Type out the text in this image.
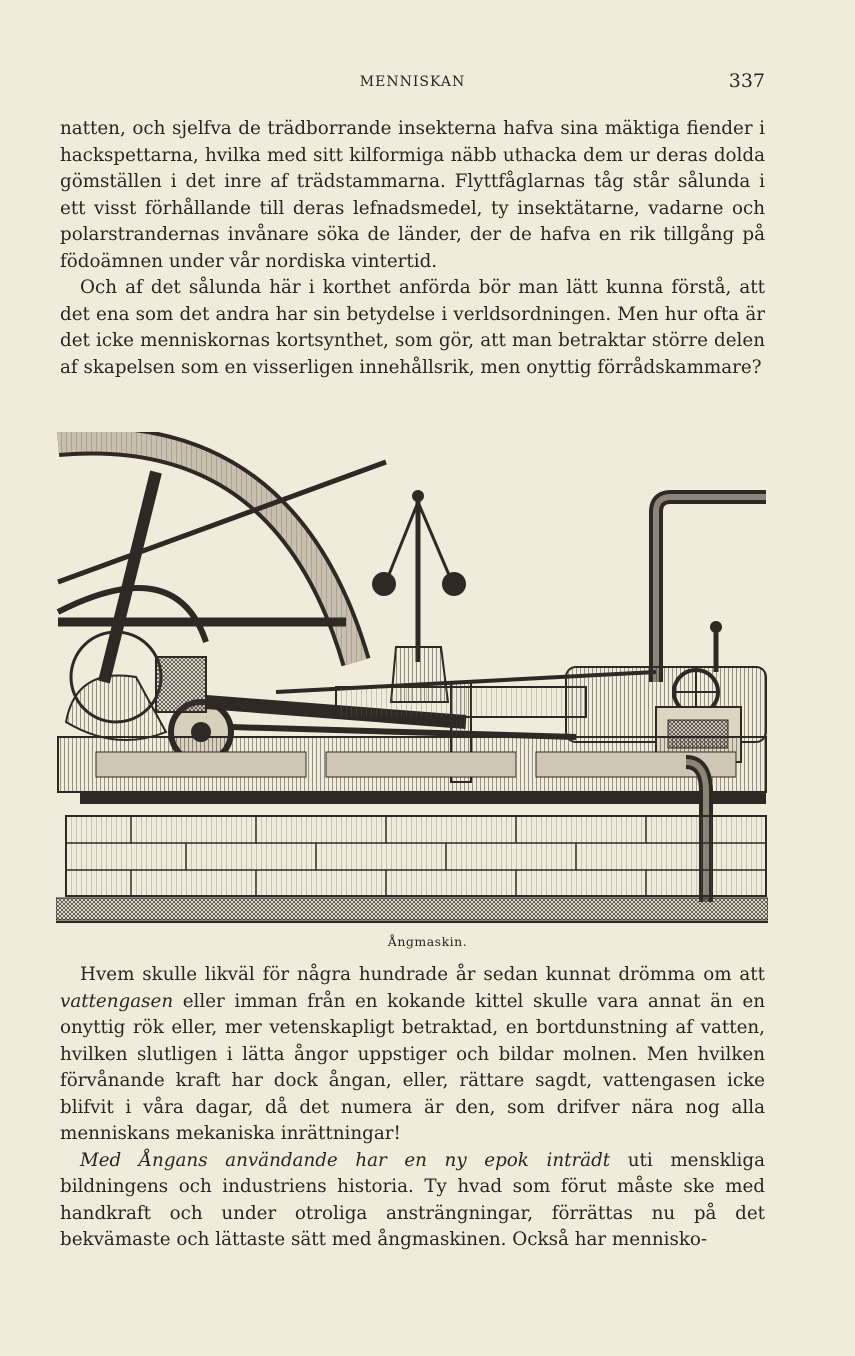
MENNISKAN	337

natten, och sjelfva de trädborrande insekterna hafva sina mäktiga fiender i hackspettarna, hvilka med sitt kilformiga näbb uthacka dem ur deras dolda gömställen i det inre af trädstammarna. Flyttfåglarnas tåg står sålunda i ett visst förhållande till deras lefnadsmedel, ty insektätarne, vadarne och polarstrandernas invånare söka de länder, der de hafva en rik tillgång på födoämnen under vår nordiska vintertid.

Och af det sålunda här i korthet anförda bör man lätt kunna förstå, att det ena som det andra har sin betydelse i verldsordningen. Men hur ofta är det icke menniskornas kortsynthet, som gör, att man betraktar större delen af skapelsen som en visserligen innehållsrik, men onyttig förrådskammare?

Ångmaskin.

Hvem skulle likväl för några hundrade år sedan kunnat drömma om att vattengasen eller imman från en kokande kittel skulle vara annat än en onyttig rök eller, mer vetenskapligt betraktad, en bortdunstning af vatten, hvilken slutligen i lätta ångor uppstiger och bildar molnen. Men hvilken förvånande kraft har dock ångan, eller, rättare sagdt, vattengasen icke blifvit i våra dagar, då det numera är den, som drifver nära nog alla menniskans mekaniska inrättningar!

Med Ångans användande har en ny epok inträdt uti menskliga bildningens och industriens historia. Ty hvad som förut måste ske med handkraft och under otroliga ansträngningar, förrättas nu på det bekvämaste och lättaste sätt med ångmaskinen. Också har mennisko-
